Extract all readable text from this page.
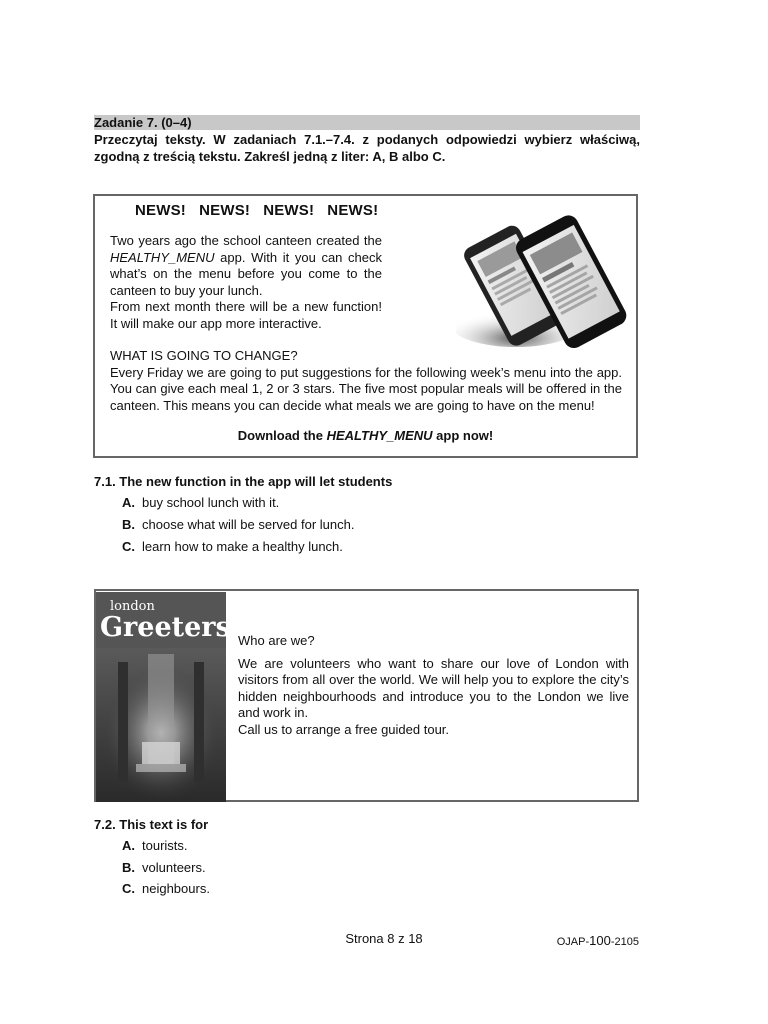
Zadanie 7. (0–4)
Przeczytaj teksty. W zadaniach 7.1.–7.4. z podanych odpowiedzi wybierz właściwą, zgodną z treścią tekstu. Zakreśl jedną z liter: A, B albo C.
NEWS!   NEWS!   NEWS!   NEWS!

Two years ago the school canteen created the HEALTHY_MENU app. With it you can check what’s on the menu before you come to the canteen to buy your lunch.

From next month there will be a new function! It will make our app more interactive.

WHAT IS GOING TO CHANGE?

Every Friday we are going to put suggestions for the following week’s menu into the app. You can give each meal 1, 2 or 3 stars. The five most popular meals will be offered in the canteen. This means you can decide what meals we are going to have on the menu!

Download the HEALTHY_MENU app now!
7.1. The new function in the app will let students
A. buy school lunch with it.
B. choose what will be served for lunch.
C. learn how to make a healthy lunch.
london
Greeters Who are we?

We are volunteers who want to share our love of London with visitors from all over the world. We will help you to explore the city’s hidden neighbourhoods and introduce you to the London we live and work in.

Call us to arrange a free guided tour.

7.2. This text is for
A. tourists.
B. volunteers.
C. neighbours.
Strona 8 z 18	OJAP-100-2105
